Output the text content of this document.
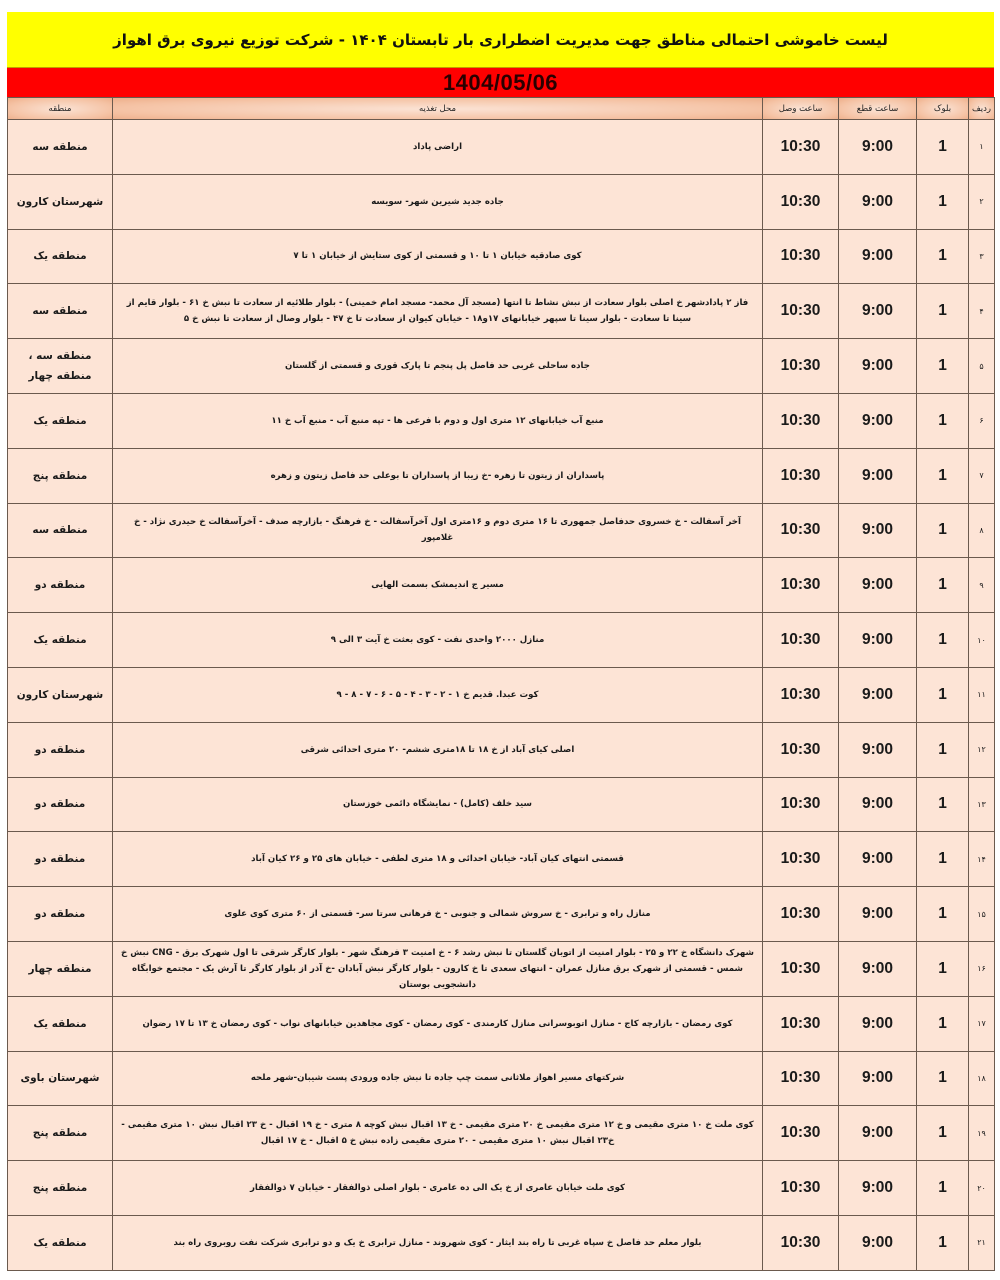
لیست خاموشی احتمالی مناطق جهت مدیریت اضطراری بار تابستان ۱۴۰۴ - شرکت توزیع نیروی برق اهواز
1404/05/06
ردیف	بلوک	ساعت قطع	ساعت وصل	محل تغذیه	منطقه
۱	1	9:00	10:30	اراضی پاداد	منطقه سه
۲	1	9:00	10:30	جاده جدید شیرین شهر- سویسه	شهرستان کارون
۳	1	9:00	10:30	کوی صادقیه خیابان ۱ تا ۱۰ و قسمتی از کوی ستایش از خیابان ۱ تا ۷	منطقه یک
۴	1	9:00	10:30	فاز ۲ پادادشهر خ اصلی بلوار سعادت از نبش نشاط تا انتها (مسجد آل محمد- مسجد امام خمینی) - بلوار طلائیه از سعادت تا نبش خ ۶۱ - بلوار قایم از سینا تا سعادت - بلوار سینا تا سپهر خیابانهای ۱۷و۱۸ - خیابان کیوان از سعادت تا خ ۴۷ - بلوار وصال از سعادت تا نبش خ ۵	منطقه سه
۵	1	9:00	10:30	جاده ساحلی غربی حد فاصل پل پنجم تا پارک قوری و قسمتی از گلستان	منطقه سه ، منطقه چهار
۶	1	9:00	10:30	منبع آب خیابانهای ۱۲ متری اول و دوم با فرعی ها - تپه منبع آب - منبع آب خ ۱۱	منطقه یک
۷	1	9:00	10:30	پاسداران از زیتون تا زهره -خ زیبا از پاسداران تا بوعلی حد فاصل زیتون و زهره	منطقه پنج
۸	1	9:00	10:30	آخر آسفالت - خ خسروی حدفاصل جمهوری تا ۱۶ متری دوم و ۱۶متری اول آخرآسفالت - خ فرهنگ - بازارچه صدف - آخرآسفالت خ حیدری نژاد - خ غلامپور	منطقه سه
۹	1	9:00	10:30	مسیر ج اندیمشک بسمت الهایی	منطقه دو
۱۰	1	9:00	10:30	منازل ۲۰۰۰ واحدی نفت - کوی بعثت خ آیت ۳ الی ۹	منطقه یک
۱۱	1	9:00	10:30	کوت عبدا. قدیم خ ۱ - ۲ - ۳ - ۴ - ۵ - ۶ - ۷ - ۸ - ۹	شهرستان کارون
۱۲	1	9:00	10:30	اصلی کیای آباد از خ ۱۸ تا ۱۸متری ششم- ۲۰ متری احدائی شرقی	منطقه دو
۱۳	1	9:00	10:30	سید خلف (کامل) - نمایشگاه دائمی خوزستان	منطقه دو
۱۴	1	9:00	10:30	قسمتی انتهای کیان آباد- خیابان احدائی و ۱۸ متری لطفی - خیابان های ۲۵ و ۲۶ کیان آباد	منطقه دو
۱۵	1	9:00	10:30	منازل راه و ترابری - خ سروش شمالی و جنوبی - خ فرهانی سرتا سر- قسمتی از ۶۰ متری کوی علوی	منطقه دو
۱۶	1	9:00	10:30	شهرک دانشگاه خ ۲۲ و ۲۵ - بلوار امنیت از اتوبان گلستان تا نبش رشد ۶ - خ امنیت ۳ فرهنگ شهر - بلوار کارگر شرقی تا اول شهرک برق - CNG نبش خ شمس - قسمتی از شهرک برق منازل عمران - انتهای سعدی تا خ کارون - بلوار کارگر نبش آبادان -خ آذر از بلوار کارگر تا آرش یک - مجتمع خوابگاه دانشجویی بوستان	منطقه چهار
۱۷	1	9:00	10:30	کوی رمضان - بازارچه کاج - منازل اتوبوسرانی منازل کارمندی - کوی رمضان - کوی مجاهدین خیابانهای نواب - کوی رمضان خ ۱۳ تا ۱۷ رضوان	منطقه یک
۱۸	1	9:00	10:30	شرکتهای مسیر اهواز ملاثانی سمت چپ جاده تا نبش جاده ورودی پست شیبان-شهر ملحه	شهرستان باوی
۱۹	1	9:00	10:30	کوی ملت خ ۱۰ متری مقیمی و خ ۱۲ متری مقیمی خ ۲۰ متری مقیمی - خ ۱۳ اقبال نبش کوچه ۸ متری - خ ۱۹ اقبال - خ ۲۳ اقبال نبش ۱۰ متری مقیمی - خ۲۳ اقبال نبش ۱۰ متری مقیمی - ۲۰ متری مقیمی زاده نبش خ ۵ اقبال - خ ۱۷ اقبال	منطقه پنج
۲۰	1	9:00	10:30	کوی ملت خیابان عامری از خ یک الی ده عامری - بلوار اصلی ذوالفقار - خیابان ۷ ذوالفقار	منطقه پنج
۲۱	1	9:00	10:30	بلوار معلم حد فاصل خ سپاه غربی تا راه بند ایثار - کوی شهروند - منازل ترابری خ یک و دو ترابری شرکت نفت روبروی راه بند	منطقه یک
